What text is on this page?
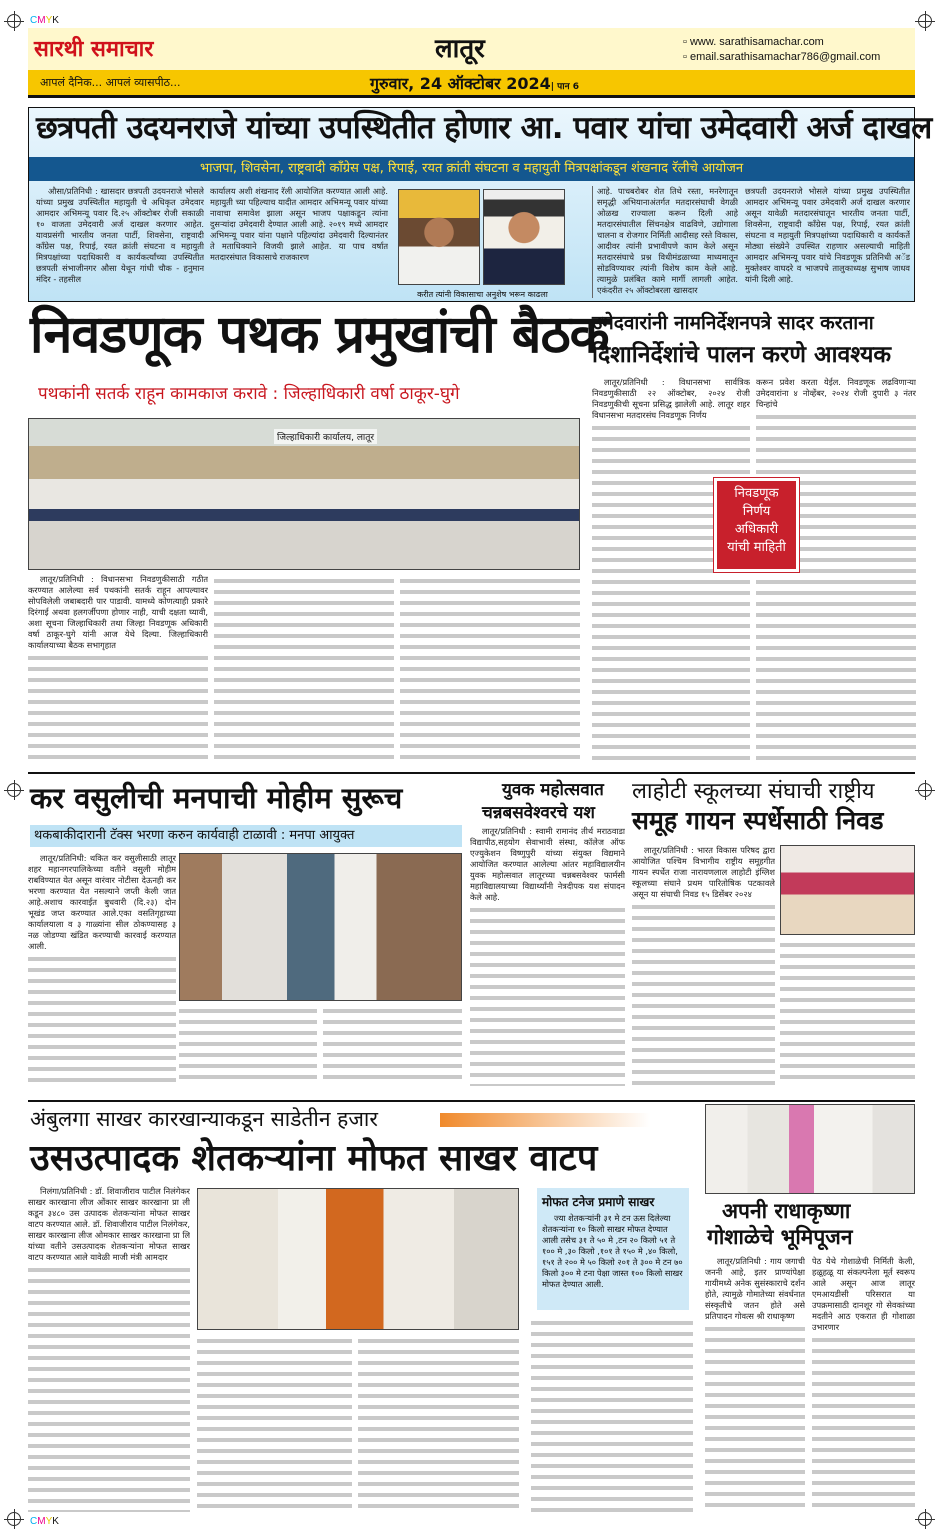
CMYK
CMYK
सारथी समाचार	लातूर	▫ www. sarathisamachar.com
▫ email.sarathisamachar786@gmail.com
आपलं दैनिक... आपलं व्यासपीठ...	गुरुवार, 24 ऑक्टोबर 2024| पान 6
छत्रपती उदयनराजे यांच्या उपस्थितीत होणार आ. पवार यांचा उमेदवारी अर्ज दाखल
भाजपा, शिवसेना, राष्ट्रवादी कॉंग्रेस पक्ष, रिपाई, रयत क्रांती संघटना व महायुती मित्रपक्षांकडून शंखनाद रॅलीचे आयोजन

औसा/प्रतिनिधी : खासदार छत्रपती उदयनराजे भोसले यांच्या प्रमुख उपस्थितीत महायुती चे अधिकृत उमेदवार आमदार अभिमन्यू पवार दि.२५ ऑक्टोबर रोजी सकाळी १० वाजता उमेदवारी अर्ज दाखल करणार आहेत. यावप्रसंगी भारतीय जनता पार्टी, शिवसेना, राष्ट्रवादी कॉंग्रेस पक्ष, रिपाई, रयत क्रांती संघटना व महायुती मित्रपक्षांच्या पदाधिकारी व कार्यकर्त्यांच्या उपस्थितीत छत्रपती संभाजीनगर औसा येथून गांधी चौक - हनुमान मंदिर - तहसील

कार्यालय अशी शंखनाद रॅली आयोजित करण्यात आली आहे. महायुती च्या पहिल्याच यादीत आमदार अभिमन्यू पवार यांच्या नावाचा समावेश झाला असून भाजप पक्षाकडून त्यांना दुसऱ्यांदा उमेदवारी देण्यात आली आहे. २०१९ मध्ये आमदार अभिमन्यू पवार यांना पक्षाने पहिल्यांदा उमेदवारी दिल्यानंतर ते मताधिक्याने विजयी झाले आहेत. या पाच वर्षात मतदारसंघात विकासाचे राजकारण

करीत त्यांनी विकासाचा अनुशेष भरून काढला

आहे. पाचबरोबर शेत तिथे रस्ता, मनरेगातून समृद्धी अभियानाअंतर्गत मतदारसंघाची वेगळी ओळख राज्याला करून दिली आहे मतदारसंघातील सिंचनक्षेत्र वाढविणे, उद्योगाला चालना व रोजगार निर्मिती आदीसह रस्ते विकास, आदीवर त्यांनी प्रभावीपणे काम केले असून मतदारसंघाचे प्रश्न विधीमंडळाच्या माध्यमातून सोडविण्यावर त्यांनी विशेष काम केले आहे. त्यामुळे प्रलंबित कामे मार्गी लागली आहेत. एकंदरीत २५ ऑक्टोबरला खासदार

छत्रपती उदयनराजे भोसले यांच्या प्रमुख उपस्थितीत आमदार अभिमन्यू पवार उमेदवारी अर्ज दाखल करणार असून यावेळी मतदारसंघातून भारतीय जनता पार्टी, शिवसेना, राष्ट्रवादी कॉंग्रेस पक्ष, रिपाई, रयत क्रांती संघटना व महायुती मित्रपक्षांच्या पदाधिकारी व कार्यकर्ते मोठ्या संख्येने उपस्थित राहणार असल्याची माहिती आमदार अभिमन्यू पवार यांचे निवडणूक प्रतिनिधी अॅड मुक्तेश्वर वाघदरे व भाजपचे तालुकाध्यक्ष सुभाष जाधव यांनी दिली आहे.

निवडणूक पथक प्रमुखांची बैठक
पथकांनी सतर्क राहून कामकाज करावे : जिल्हाधिकारी वर्षा ठाकूर-घुगे
जिल्हाधिकारी कार्यालय, लातूर

लातूर/प्रतिनिधी : विधानसभा निवडणुकीसाठी गठीत करण्यात आलेल्या सर्व पथकांनी सतर्क राहून आपल्यावर सोपविलेली जबाबदारी पार पाडावी. यामध्ये कोणत्याही प्रकारे दिरंगाई अथवा हलगर्जीपणा होणार नाही, याची दक्षता घ्यावी, अशा सूचना जिल्हाधिकारी तथा जिल्हा निवडणूक अधिकारी वर्षा ठाकूर-घुगे यांनी आज येथे दिल्या. जिल्हाधिकारी कार्यालयाच्या बैठक सभागृहात

उमेदवारांनी नामनिर्देशनपत्रे सादर करताना
दिशानिर्देशांचे पालन करणे आवश्यक

लातूर/प्रतिनिधी : विधानसभा सार्वत्रिक निवडणुकीसाठी २२ ऑक्टोबर, २०२४ रोजी निवडणुकीची सूचना प्रसिद्ध झालेली आहे. लातूर शहर विधानसभा मतदारसंघ निवडणूक निर्णय

करून प्रवेश करता येईल. निवडणूक लढविणाऱ्या उमेदवारांना ४ नोव्हेंबर, २०२४ रोजी दुपारी ३ नंतर चिन्हांचे

निवडणूक निर्णय अधिकारी यांची माहिती
कर वसुलीची मनपाची मोहीम सुरूच
थकबाकीदारानी टॅक्स भरणा करुन कार्यवाही टाळावी : मनपा आयुक्त

लातूर/प्रतिनिधी: थकित कर वसुलीसाठी लातूर शहर महानगरपालिकेच्या वतीने वसुली मोहीम राबविण्यात येत असून वारंवार नोटीसा देऊनही कर भरणा करण्यात येत नसल्याने जप्ती केली जात आहे.अशाच कारवाईत बुधवारी (दि.२३) दोन भूखंड जप्त करण्यात आले.एका वसतिगृहाच्या कार्यालयाला व ३ गाळ्यांना सील ठोकण्यासह ३ नळ जोडण्या खंडित करण्याची कारवाई करण्यात आली.

युवक महोत्सवात
चन्नबसवेश्वरचे यश

लातूर/प्रतिनिधी : स्वामी रामानंद तीर्थ मराठवाडा विद्यापीठ,सहयोग सेवाभावी संस्था, कॉलेज ऑफ एज्युकेशन विष्णुपुरी यांच्या संयुक्त विद्यमाने आयोजित करण्यात आलेल्या आंतर महाविद्यालयीन युवक महोत्सवात लातूरच्या चन्नबसवेश्वर फार्मसी महाविद्यालयाच्या विद्यार्थ्यांनी नेत्रदीपक यश संपादन केले आहे.

लाहोटी स्कूलच्या संघाची राष्ट्रीय
समूह गायन स्पर्धेसाठी निवड

लातूर/प्रतिनिधी : भारत विकास परिषद द्वारा आयोजित पश्चिम विभागीय राष्ट्रीय समूहगीत गायन स्पर्धेत राजा नारायणलाल लाहोटी इंग्लिश स्कूलच्या संघाने प्रथम पारितोषिक पटकावले असून या संघाची निवड १५ डिसेंबर २०२४

अंबुलगा साखर कारखान्याकडून साडेतीन हजार
उसउत्पादक शेतकऱ्यांना मोफत साखर वाटप

निलंगा/प्रतिनिधी : डॉ. शिवाजीराव पाटील निलंगेकर साखर कारखाना लीज ओंकार साखर कारखाना प्रा ली कडून ३४८० उस उत्पादक शेतकऱ्यांना मोफत साखर वाटप करण्यात आले. डॉ. शिवाजीराव पाटील निलंगेकर, साखर कारखाना लीज ओमकार साखर कारखाना प्रा लि यांच्या वतीने उसउत्पादक शेतकऱ्यांना मोफत साखर वाटप करण्यात आले यावेळी माजी मंत्री आमदार

मोफत टनेज प्रमाणे साखर

ज्या शेतकऱ्यांनी ३१ मे टन ऊस दिलेल्या शेतकऱ्यांना १० किलो साखर मोफत देण्यात आली तसेच ३१ ते ५० मे ,टन २० किलो ५१ ते १०० मे ,३० किलो ,१०१ ते १५० मे ,४० किलो, १५१ ते २०० मे ५० किलो २०१ ते ३०० मे टन ७० किलो ३०० मे टना पेक्षा जास्त १०० किलो साखर मोफत देण्यात आली.

अपनी राधाकृष्णा
गोशाळेचे भूमिपूजन

लातूर/प्रतिनिधी : गाय जगाची जननी आहे, इतर प्राण्यांपेक्षा गायीमध्ये अनेक सुसंस्काराचे दर्शन होते, त्यामुळे गोमातेच्या संवर्धनात संस्कृतीचे जतन होते असे प्रतिपादन गोवत्स श्री राधाकृष्ण

पेठ येथे गोशाळेची निर्मिती केली, हळूहळू या संकल्पनेला मूर्त स्वरूप आले असून आज लातूर एमआयडीसी परिसरात या उपक्रमासाठी दानशूर गो सेवकांच्या मदतीने आठ एकरात ही गोशाळा उभारणार
